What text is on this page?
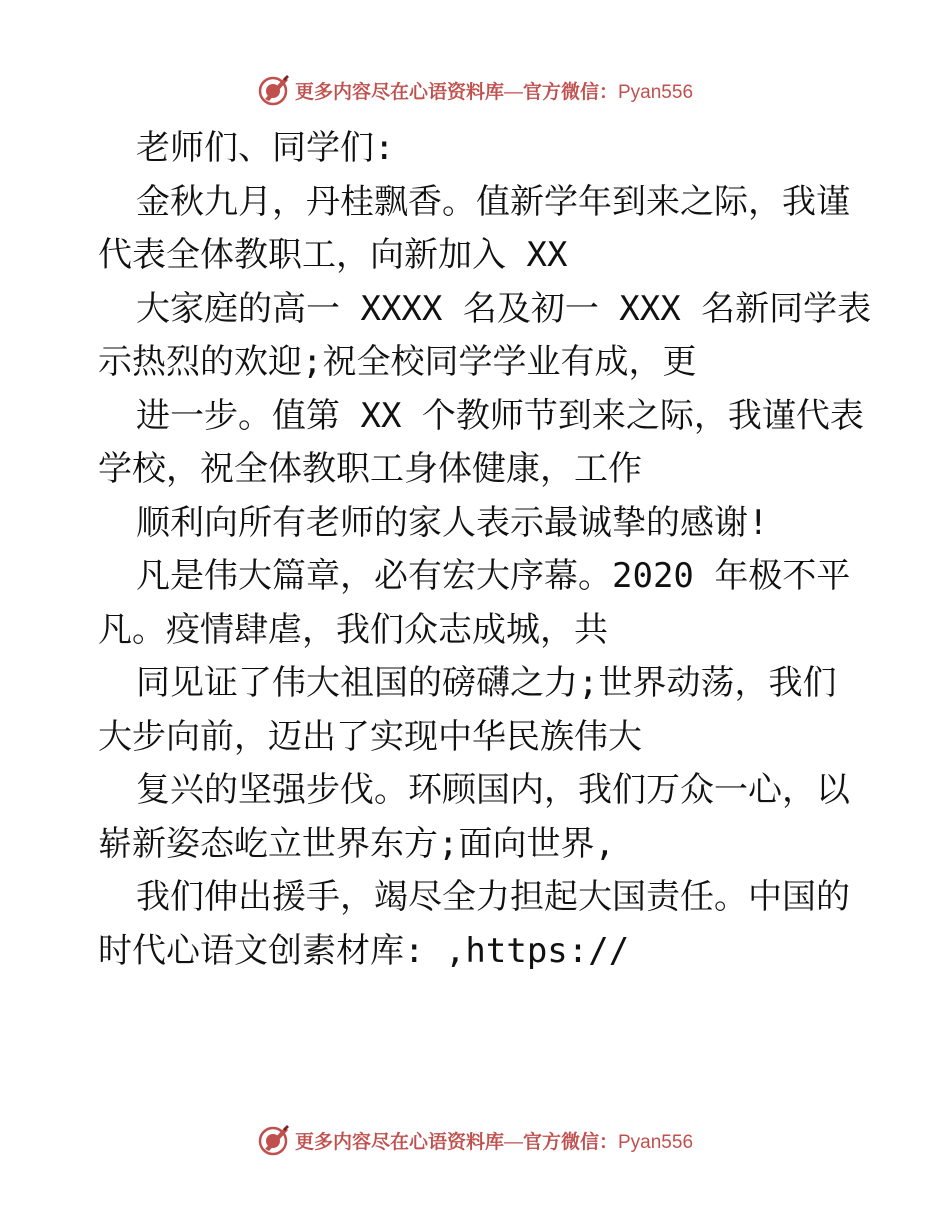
更多内容尽在心语资料库—官方微信：Pyan556
老师们、同学们:
金秋九月，丹桂飘香。值新学年到来之际，我谨
代表全体教职工，向新加入 XX
大家庭的高一 XXXX 名及初一 XXX 名新同学表
示热烈的欢迎;祝全校同学学业有成，更
进一步。值第 XX 个教师节到来之际，我谨代表
学校，祝全体教职工身体健康，工作
顺利向所有老师的家人表示最诚挚的感谢!
凡是伟大篇章，必有宏大序幕。2020 年极不平
凡。疫情肆虐，我们众志成城，共
同见证了伟大祖国的磅礴之力;世界动荡，我们
大步向前，迈出了实现中华民族伟大
复兴的坚强步伐。环顾国内，我们万众一心，以
崭新姿态屹立世界东方;面向世界,
我们伸出援手，竭尽全力担起大国责任。中国的
时代心语文创素材库: ,https://
更多内容尽在心语资料库—官方微信：Pyan556
